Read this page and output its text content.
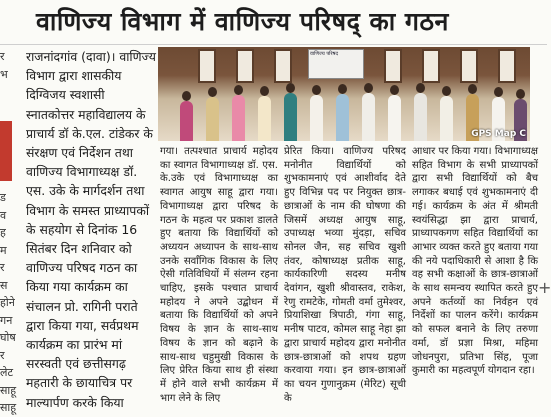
वाणिज्य विभाग में वाणिज्य परिषद् का गठन
र
भ
ड
व
ह
म
र
स
होने
गन
घोष
र
लेट
साहू
साहू

राजनांदगांव (दावा)। वाणिज्य विभाग द्वारा शासकीय दिग्विजय स्वशासी स्नातकोत्तर महाविद्यालय के प्राचार्य डॉ के.एल. टांडेकर के संरक्षण एवं निर्देशन तथा वाणिज्य विभागाध्यक्ष डॉ. एस. उके के मार्गदर्शन तथा विभाग के समस्त प्राध्यापकों के सहयोग से दिनांक 16 सितंबर दिन शनिवार को वाणिज्य परिषद गठन का किया गया कार्यक्रम का संचालन प्रो. रागिनी पराते द्वारा किया गया, सर्वप्रथम कार्यक्रम का प्रारंभ मां सरस्वती एवं छत्तीसगढ़ महतारी के छायाचित्र पर माल्यार्पण करके किया

वाणिज्य परिषद
GPS Map C

गया। तत्पश्चात प्राचार्य महोदय का स्वागत विभागाध्यक्ष डॉ. एस. के.उके एवं विभागाध्यक्ष का स्वागत आयुष साहू द्वारा गया। विभागाध्यक्ष द्वारा परिषद के गठन के महत्व पर प्रकाश डालते हुए बताया कि विद्यार्थियों को अध्ययन अध्यापन के साथ-साथ उनके सर्वांगिक विकास के लिए ऐसी गतिविधियों में संलग्न रहना चाहिए, इसके पश्चात प्राचार्य महोदय ने अपने उद्बोधन में बताया कि विद्यार्थियों को अपने विषय के ज्ञान के साथ-साथ विषय के ज्ञान को बढ़ाने के साथ-साथ चहुमुखी विकास के लिए प्रेरित किया साथ ही संस्था में होने वाले सभी कार्यक्रम में भाग लेने के लिए

प्रेरित किया। वाणिज्य परिषद मनोनीत विद्यार्थियों को शुभकामनाएं एवं आशीर्वाद देते हुए विभिन्न पद पर नियुक्त छात्र-छात्राओं के नाम की घोषणा की जिसमें अध्यक्ष आयुष साहू, उपाध्यक्ष भव्या मुंदड़ा, सचिव सोनल जैन, सह सचिव खुशी तंवर, कोषाध्यक्ष प्रतीक साहू, कार्यकारिणी सदस्य मनीष देवांगन, खुशी श्रीवास्तव, राकेश, रेणु रामटेके, गोमती वर्मा तुमेश्वर, प्रियाशिखा त्रिपाठी, गंगा साहू, मनीष पाटव, कोमल साहू नेहा झा द्वारा प्राचार्य महोदय द्वारा मनोनीत छात्र-छात्राओं को शपथ ग्रहण करवाया गया। इन छात्र-छात्राओं का चयन गुणानुक्रम (मेरिट) सूची के

आधार पर किया गया। विभागाध्यक्ष सहित विभाग के सभी प्राध्यापकों द्वारा सभी विद्यार्थियों को बैच लगाकर बधाई एवं शुभकामनाएं दी गई। कार्यक्रम के अंत में श्रीमती स्वयंसिद्धा झा द्वारा प्राचार्य, प्राध्यापकगण सहित विद्यार्थियों का आभार व्यक्त करते हुए बताया गया की नये पदाधिकारी से आशा है कि वह सभी कक्षाओं के छात्र-छात्राओं के साथ समन्वय स्थापित करते हुए अपने कर्तव्यों का निर्वहन एवं निर्देशों का पालन करेंगे। कार्यक्रम को सफल बनाने के लिए तरुणा वर्मा, डॉ प्रज्ञा मिश्रा, महिमा जोधनपुरा, प्रतिभा सिंह, पूजा कुमारी का महत्वपूर्ण योगदान रहा।

+
